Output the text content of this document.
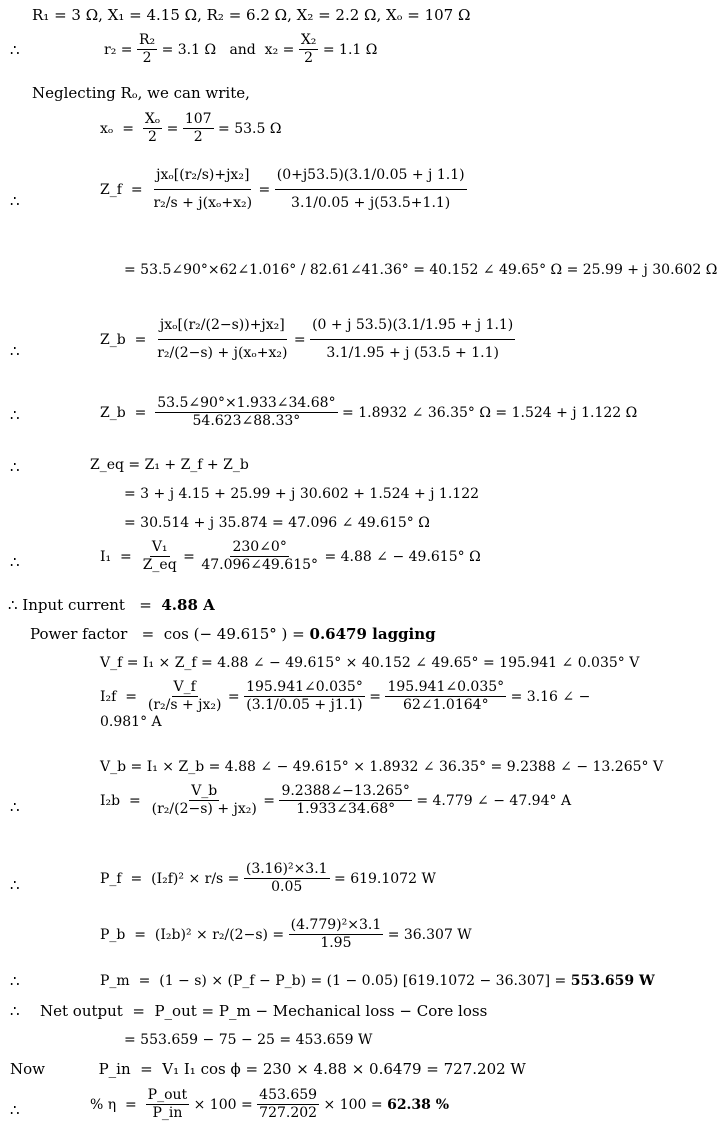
R₁ = 3 Ω, X₁ = 4.15 Ω, R₂ = 6.2 Ω, X₂ = 2.2 Ω, Xₒ = 107 Ω
∴	$r_2 = \frac{\text{R₂}}{2} = 3.1$ Ω and $x_2 = \frac{\text{X₂}}{2} = 1.1$ Ω
Neglecting Rₒ, we can write,
$x_o = \frac{\text{Xₒ}}{2} = \frac{107}{2} = 53.5$ Ω
∴
Z_f  = $\frac{\text{jxₒ[(r₂/s)+jx₂]}}{\text{r₂/s + j(xₒ+x₂)}} = \frac{(0+j53.5)(3.1/0.05 + j 1.1)}{3.1/0.05 + j(53.5+1.1)}$
= 53.5∠90°×62∠1.016° / 82.61∠41.36° = 40.152 ∠ 49.65° Ω = 25.99 + j 30.602 Ω
∴
Z_b  = $\frac{\text{jxₒ[(r₂/(2−s))+jx₂]}}{\text{r₂/(2−s) + j(xₒ+x₂)}} = \frac{(0 + j 53.5)(3.1/1.95 + j 1.1)}{3.1/1.95 + j (53.5 + 1.1)}$
∴	Z_b  = $\frac{53.5\angle 90^\circ\times 1.933\angle 34.68^\circ}{54.623\angle 88.33^\circ} = 1.8932$ ∠ 36.35° Ω = 1.524 + j 1.122 Ω
∴	Z_eq = Z₁ + Z_f + Z_b
= 3 + j 4.15 + 25.99 + j 30.602 + 1.524 + j 1.122
= 30.514 + j 35.874 = 47.096 ∠ 49.615° Ω
∴	$I_1 = \frac{\text{V₁}}{Z\_eq} = \frac{230\angle 0^\circ}{47.096\angle 49.615^\circ} = 4.88$ ∠ − 49.615° Ω
∴ Input current   =  4.88 A
Power factor   =  cos (− 49.615° ) = 0.6479 lagging
V_f = I₁ × Z_f = 4.88 ∠ − 49.615° × 40.152 ∠ 49.65° = 195.941 ∠ 0.035° V
$I_2f = \frac{V\_f}{\text{(r₂/s + jx₂)}} = \frac{195.941\angle 0.035^\circ}{(3.1/0.05 + j1.1)} = \frac{195.941\angle 0.035^\circ}{62\angle 1.0164^\circ} = 3.16$ ∠ − 0.981° A
V_b = I₁ × Z_b = 4.88 ∠ − 49.615° × 1.8932 ∠ 36.35° = 9.2388 ∠ − 13.265° V
∴	$I_2b = \frac{V\_b}{\text{(r₂/(2−s) + jx₂)}} = \frac{9.2388\angle-13.265^\circ}{1.933\angle 34.68^\circ} = 4.779$ ∠ − 47.94° A
∴	P_f  =  $(I_2f)^2 \times r/s = \frac{\text{(3.16)²×3.1}}{0.05} = 619.1072$ W
P_b  =  $(I_2b)^2 \times r_2/(2-s) = \frac{\text{(4.779)²×3.1}}{1.95} = 36.307$ W
∴	P_m  =  (1 − s) × (P_f − P_b) = (1 − 0.05) [619.1072 − 36.307] = 553.659 W
∴ Net output  =  P_out = P_m − Mechanical loss − Core loss
= 553.659 − 75 − 25 = 453.659 W
Now	P_in  =  V₁ I₁ cos ϕ = 230 × 4.88 × 0.6479 = 727.202 W
∴	% $\eta = \frac{\text{P\_out}}{P\_in} \times 100 = \frac{453.659}{727.202} \times 100 = 62.38$ %
